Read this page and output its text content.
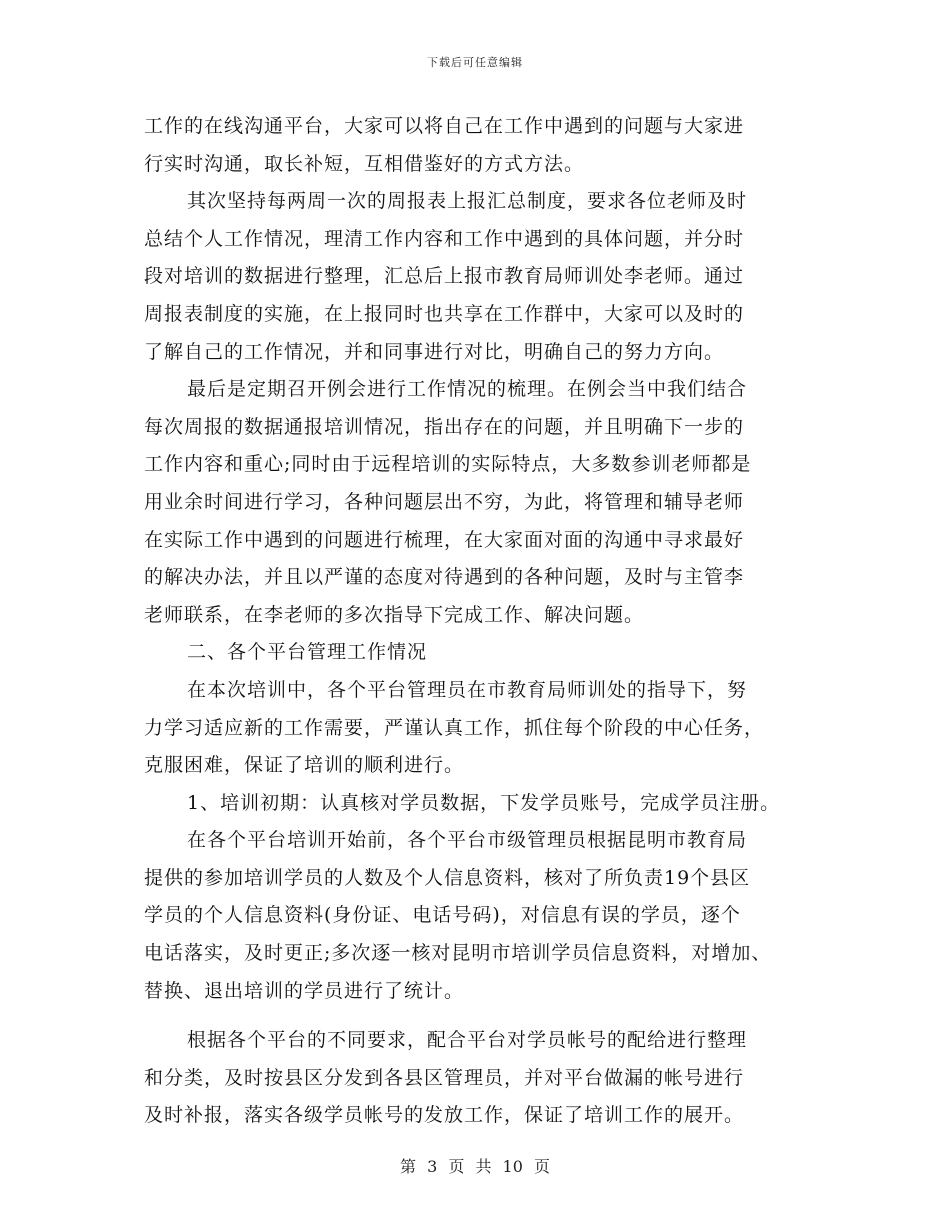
下载后可任意编辑
工作的在线沟通平台，大家可以将自己在工作中遇到的问题与大家进
行实时沟通，取长补短，互相借鉴好的方式方法。
其次坚持每两周一次的周报表上报汇总制度，要求各位老师及时
总结个人工作情况，理清工作内容和工作中遇到的具体问题，并分时
段对培训的数据进行整理，汇总后上报市教育局师训处李老师。通过
周报表制度的实施，在上报同时也共享在工作群中，大家可以及时的
了解自己的工作情况，并和同事进行对比，明确自己的努力方向。
最后是定期召开例会进行工作情况的梳理。在例会当中我们结合
每次周报的数据通报培训情况，指出存在的问题，并且明确下一步的
工作内容和重心;同时由于远程培训的实际特点，大多数参训老师都是
用业余时间进行学习，各种问题层出不穷，为此，将管理和辅导老师
在实际工作中遇到的问题进行梳理，在大家面对面的沟通中寻求最好
的解决办法，并且以严谨的态度对待遇到的各种问题，及时与主管李
老师联系，在李老师的多次指导下完成工作、解决问题。
二、各个平台管理工作情况
在本次培训中，各个平台管理员在市教育局师训处的指导下，努
力学习适应新的工作需要，严谨认真工作，抓住每个阶段的中心任务，
克服困难，保证了培训的顺利进行。
1、培训初期：认真核对学员数据，下发学员账号，完成学员注册。
在各个平台培训开始前，各个平台市级管理员根据昆明市教育局
提供的参加培训学员的人数及个人信息资料，核对了所负责19个县区
学员的个人信息资料(身份证、电话号码)，对信息有误的学员，逐个
电话落实，及时更正;多次逐一核对昆明市培训学员信息资料，对增加、
替换、退出培训的学员进行了统计。
根据各个平台的不同要求，配合平台对学员帐号的配给进行整理
和分类，及时按县区分发到各县区管理员，并对平台做漏的帐号进行
及时补报，落实各级学员帐号的发放工作，保证了培训工作的展开。
第 3 页 共 10 页
